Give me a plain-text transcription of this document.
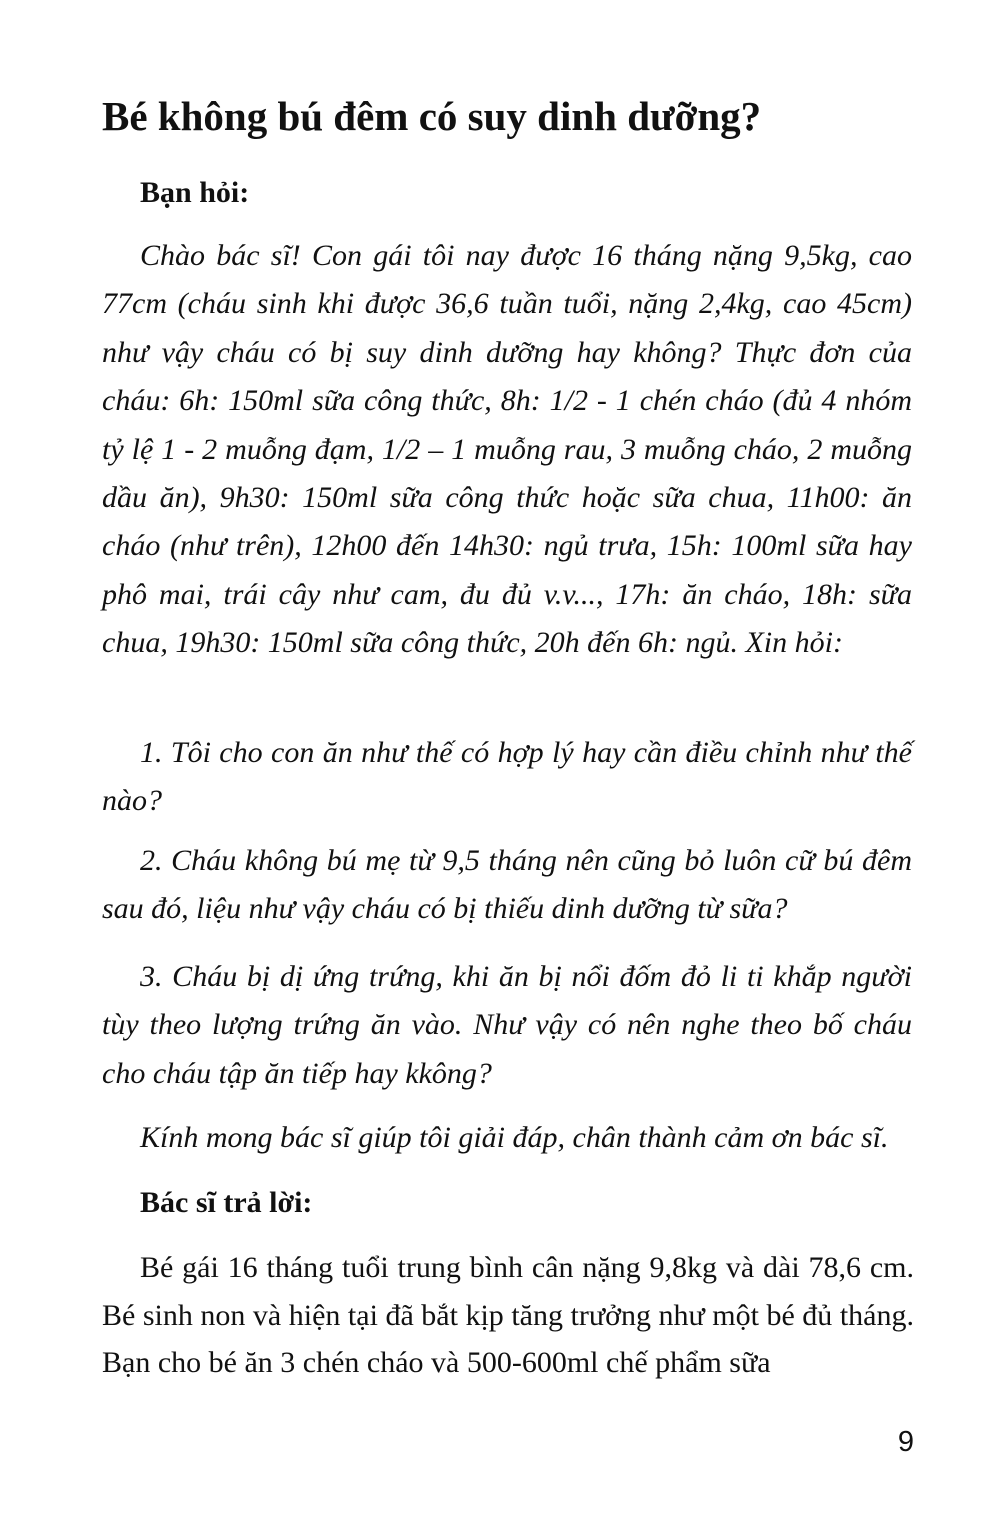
Bé không bú đêm có suy dinh dưỡng?
Bạn hỏi:

Chào bác sĩ! Con gái tôi nay được 16 tháng nặng 9,5kg, cao 77cm (cháu sinh khi được 36,6 tuần tuổi, nặng 2,4kg, cao 45cm) như vậy cháu có bị suy dinh dưỡng hay không? Thực đơn của cháu: 6h: 150ml sữa công thức, 8h: 1/2 - 1 chén cháo (đủ 4 nhóm tỷ lệ 1 - 2 muỗng đạm, 1/2 – 1 muỗng rau, 3 muỗng cháo, 2 muỗng dầu ăn), 9h30: 150ml sữa công thức hoặc sữa chua, 11h00: ăn cháo (như trên), 12h00 đến 14h30: ngủ trưa, 15h: 100ml sữa hay phô mai, trái cây như cam, đu đủ v.v..., 17h: ăn cháo, 18h: sữa chua, 19h30: 150ml sữa công thức, 20h đến 6h: ngủ. Xin hỏi:

1. Tôi cho con ăn như thế có hợp lý hay cần điều chỉnh như thế nào?

2. Cháu không bú mẹ từ 9,5 tháng nên cũng bỏ luôn cữ bú đêm sau đó, liệu như vậy cháu có bị thiếu dinh dưỡng từ sữa?

3. Cháu bị dị ứng trứng, khi ăn bị nổi đốm đỏ li ti khắp người tùy theo lượng trứng ăn vào. Như vậy có nên nghe theo bố cháu cho cháu tập ăn tiếp hay kkông?

Kính mong bác sĩ giúp tôi giải đáp, chân thành cảm ơn bác sĩ.

Bác sĩ trả lời:

Bé gái 16 tháng tuổi trung bình cân nặng 9,8kg và dài 78,6 cm. Bé sinh non và hiện tại đã bắt kịp tăng trưởng như một bé đủ tháng. Bạn cho bé ăn 3 chén cháo và 500-600ml chế phẩm sữa

9
